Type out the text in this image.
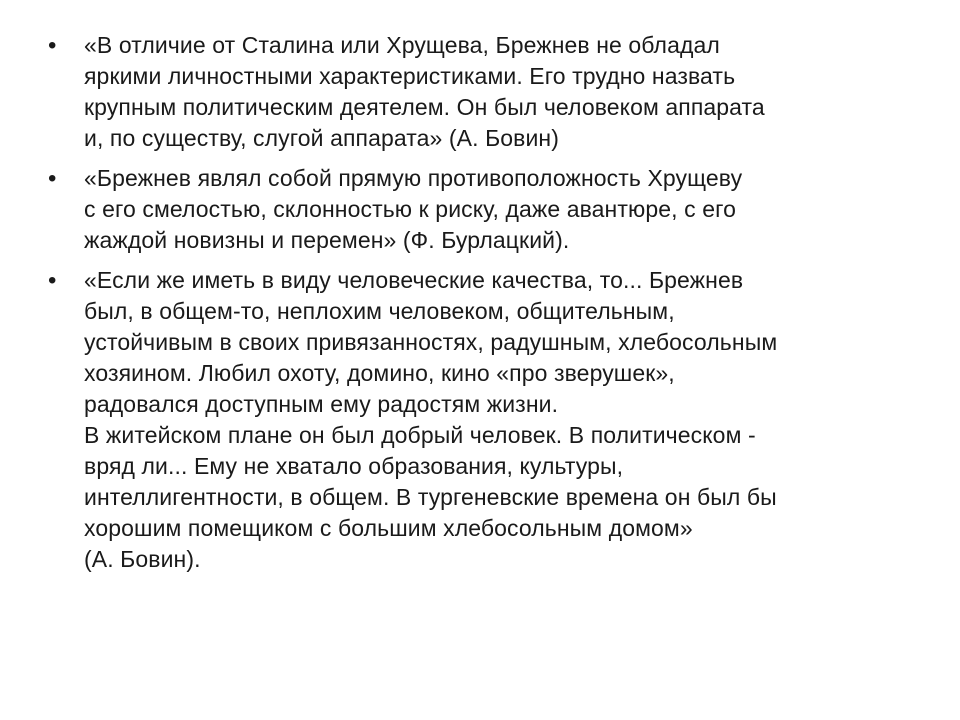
• «В отличие от Сталина или Хрущева, Брежнев не обладал
яркими личностными характеристиками. Его трудно назвать
крупным политическим деятелем. Он был человеком аппарата
и, по существу, слугой аппарата» (А. Бовин)
• «Брежнев являл собой прямую противоположность Хрущеву
с его смелостью, склонностью к риску, даже авантюре, с его
жаждой новизны и перемен» (Ф. Бурлацкий).
• «Если же иметь в виду человеческие качества, то... Брежнев
был, в общем-то, неплохим человеком, общительным,
устойчивым в своих привязанностях, радушным, хлебосольным
хозяином. Любил охоту, домино, кино «про зверушек»,
радовался доступным ему радостям жизни.
В житейском плане он был добрый человек. В политическом -
вряд ли... Ему не хватало образования, культуры,
интеллигентности, в общем. В тургеневские времена он был бы
хорошим помещиком с большим хлебосольным домом»
(А. Бовин).
